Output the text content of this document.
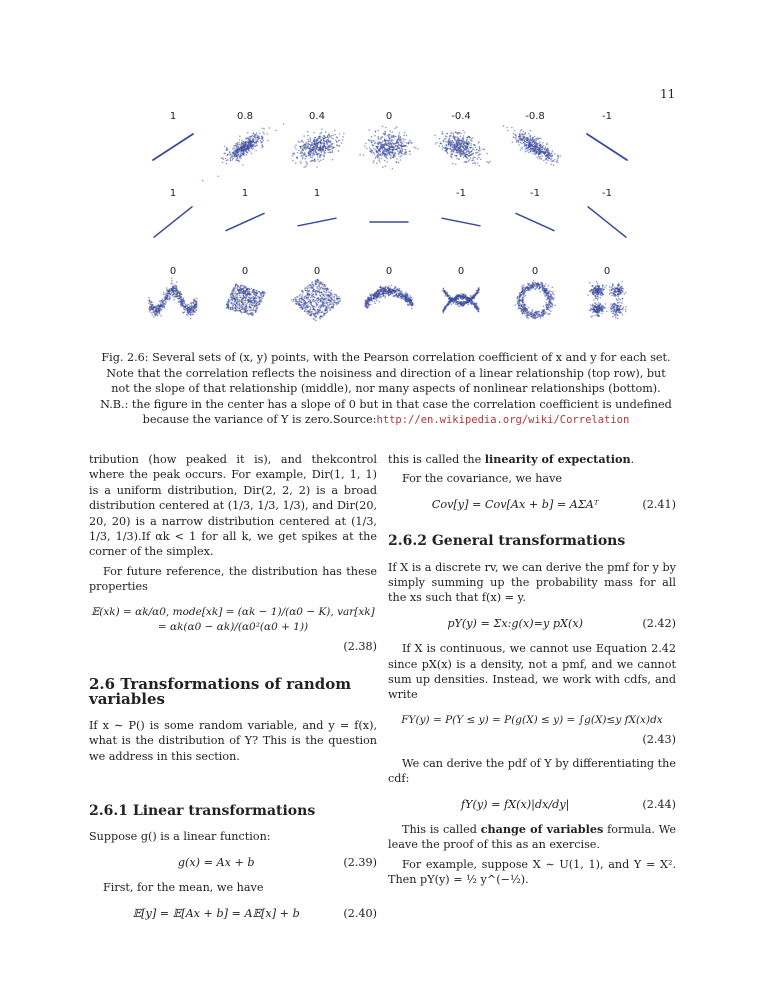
11
1	0.8	0.4	0	-0.4	-0.8	-1
1	1	1	-1	-1	-1
0	0	0	0	0	0	0
Fig. 2.6: Several sets of (x, y) points, with the Pearson correlation coefficient of x and y for each set. Note that the correlation reflects the noisiness and direction of a linear relationship (top row), but not the slope of that relationship (middle), nor many aspects of nonlinear relationships (bottom). N.B.: the figure in the center has a slope of 0 but in that case the correlation coefficient is undefined because the variance of Y is zero.Source:http://en.wikipedia.org/wiki/Correlation

tribution (how peaked it is), and thekcontrol where the peak occurs. For example, Dir(1, 1, 1) is a uniform distribution, Dir(2, 2, 2) is a broad distribution centered at (1/3, 1/3, 1/3), and Dir(20, 20, 20) is a narrow distribution centered at (1/3, 1/3, 1/3).If αk < 1 for all k, we get spikes at the corner of the simplex.

For future reference, the distribution has these properties

𝔼(xk) = αk/α0, mode[xk] = (αk − 1)/(α0 − K), var[xk] = αk(α0 − αk)/(α0²(α0 + 1))
(2.38)
2.6 Transformations of random variables

If x ∼ P() is some random variable, and y = f(x), what is the distribution of Y? This is the question we address in this section.

2.6.1 Linear transformations

Suppose g() is a linear function:

g(x) = Ax + b	(2.39)

First, for the mean, we have

𝔼[y] = 𝔼[Ax + b] = A𝔼[x] + b	(2.40)

this is called the linearity of expectation.

For the covariance, we have

Cov[y] = Cov[Ax + b] = AΣAᵀ	(2.41)
2.6.2 General transformations

If X is a discrete rv, we can derive the pmf for y by simply summing up the probability mass for all the xs such that f(x) = y.

pY(y) = Σx:g(x)=y pX(x)	(2.42)

If X is continuous, we cannot use Equation 2.42 since pX(x) is a density, not a pmf, and we cannot sum up densities. Instead, we work with cdfs, and write

FY(y) = P(Y ≤ y) = P(g(X) ≤ y) = ∫g(X)≤y fX(x)dx
(2.43)

We can derive the pdf of Y by differentiating the cdf:

fY(y) = fX(x)|dx/dy|	(2.44)

This is called change of variables formula. We leave the proof of this as an exercise.

For example, suppose X ∼ U(1, 1), and Y = X². Then pY(y) = ½ y^(−½).
